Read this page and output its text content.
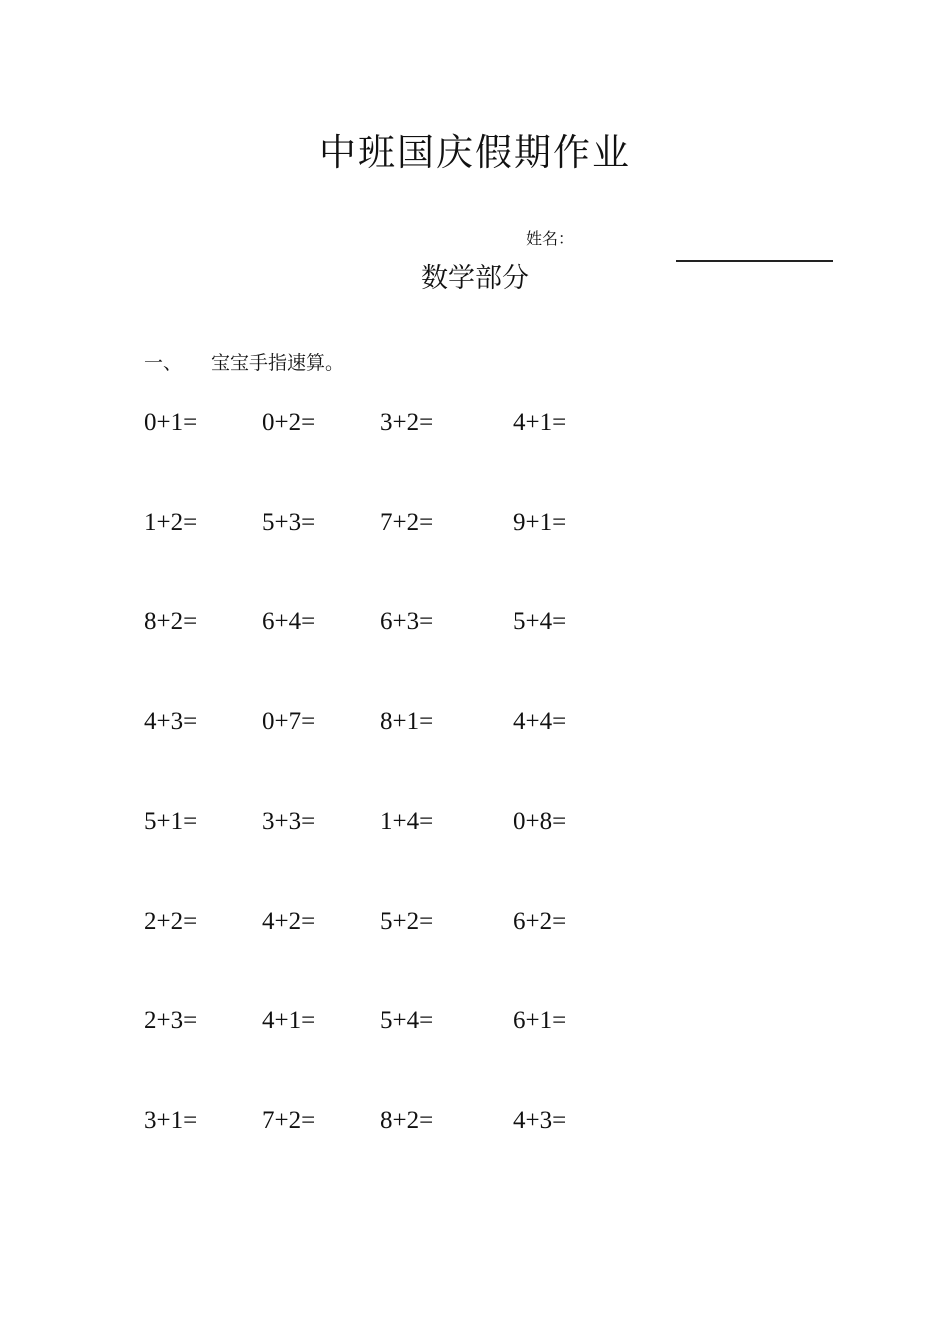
中班国庆假期作业
姓名：
数学部分
一、 宝宝手指速算。
0+1=	0+2=	3+2=	4+1=
1+2=	5+3=	7+2=	9+1=
8+2=	6+4=	6+3=	5+4=
4+3=	0+7=	8+1=	4+4=
5+1=	3+3=	1+4=	0+8=
2+2=	4+2=	5+2=	6+2=
2+3=	4+1=	5+4=	6+1=
3+1=	7+2=	8+2=	4+3=
